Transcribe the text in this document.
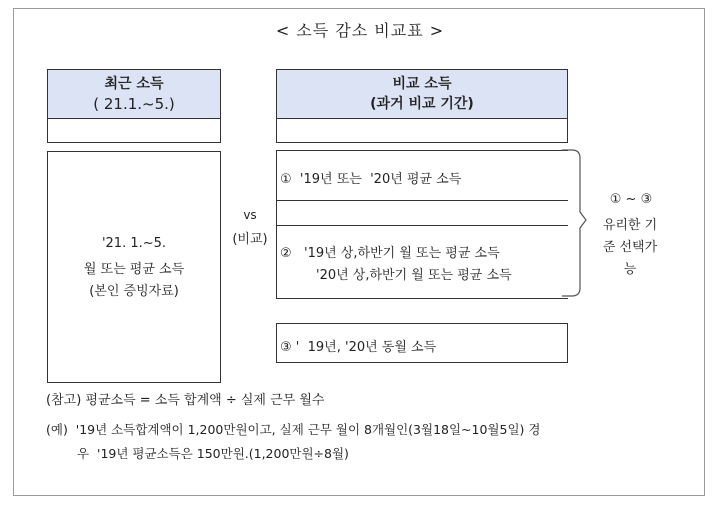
< 소득 감소 비교표 >
최근 소득
( 21.1.~5.)
'21. 1.~5.
월 또는 평균 소득
(본인 증빙자료)
vs
(비교)
비교 소득
(과거 비교 기간)
①  '19년 또는  '20년 평균 소득
②   '19년 상,하반기 월 또는 평균 소득
'20년 상,하반기 월 또는 평균 소득
③ '  19년, '20년 동월 소득
① ~ ③
유리한 기
준 선택가
능
(참고) 평균소득 = 소득 합계액 ÷ 실제 근무 월수
(예)  '19년 소득합계액이 1,200만원이고, 실제 근무 월이 8개월인(3월18일~10월5일) 경
우  '19년 평균소득은 150만원.(1,200만원÷8월)
